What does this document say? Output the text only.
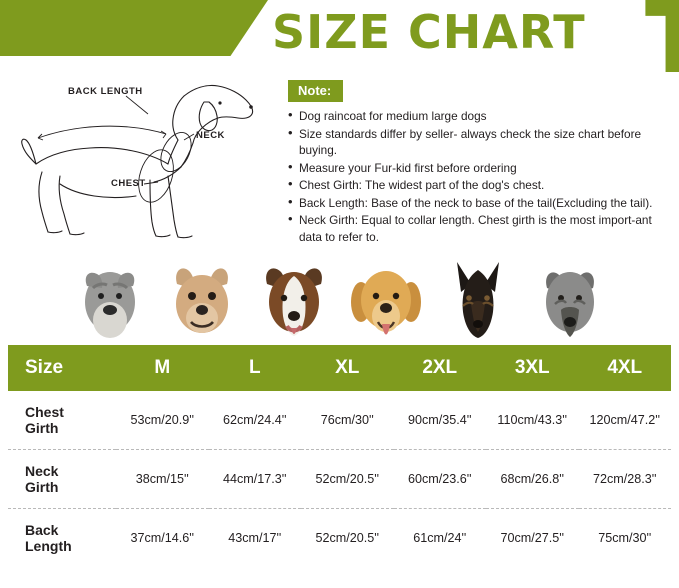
SIZE CHART
BACK LENGTH
NECK
CHEST
Note:
• Dog raincoat for medium large dogs
• Size standards differ by seller- always check the size chart before buying.
• Measure your Fur-kid first before ordering
• Chest Girth: The widest part of the dog's chest.
• Back Length: Base of the neck to base of the tail(Excluding the tail).
• Neck Girth: Equal to collar length. Chest girth is the most import-ant data to refer to.
Size	M	L	XL	2XL	3XL	4XL
Chest
Girth	53cm/20.9''	62cm/24.4''	76cm/30''	90cm/35.4''	110cm/43.3''	120cm/47.2''
Neck
Girth	38cm/15''	44cm/17.3''	52cm/20.5''	60cm/23.6''	68cm/26.8''	72cm/28.3''
Back
Length	37cm/14.6''	43cm/17''	52cm/20.5''	61cm/24''	70cm/27.5''	75cm/30''
